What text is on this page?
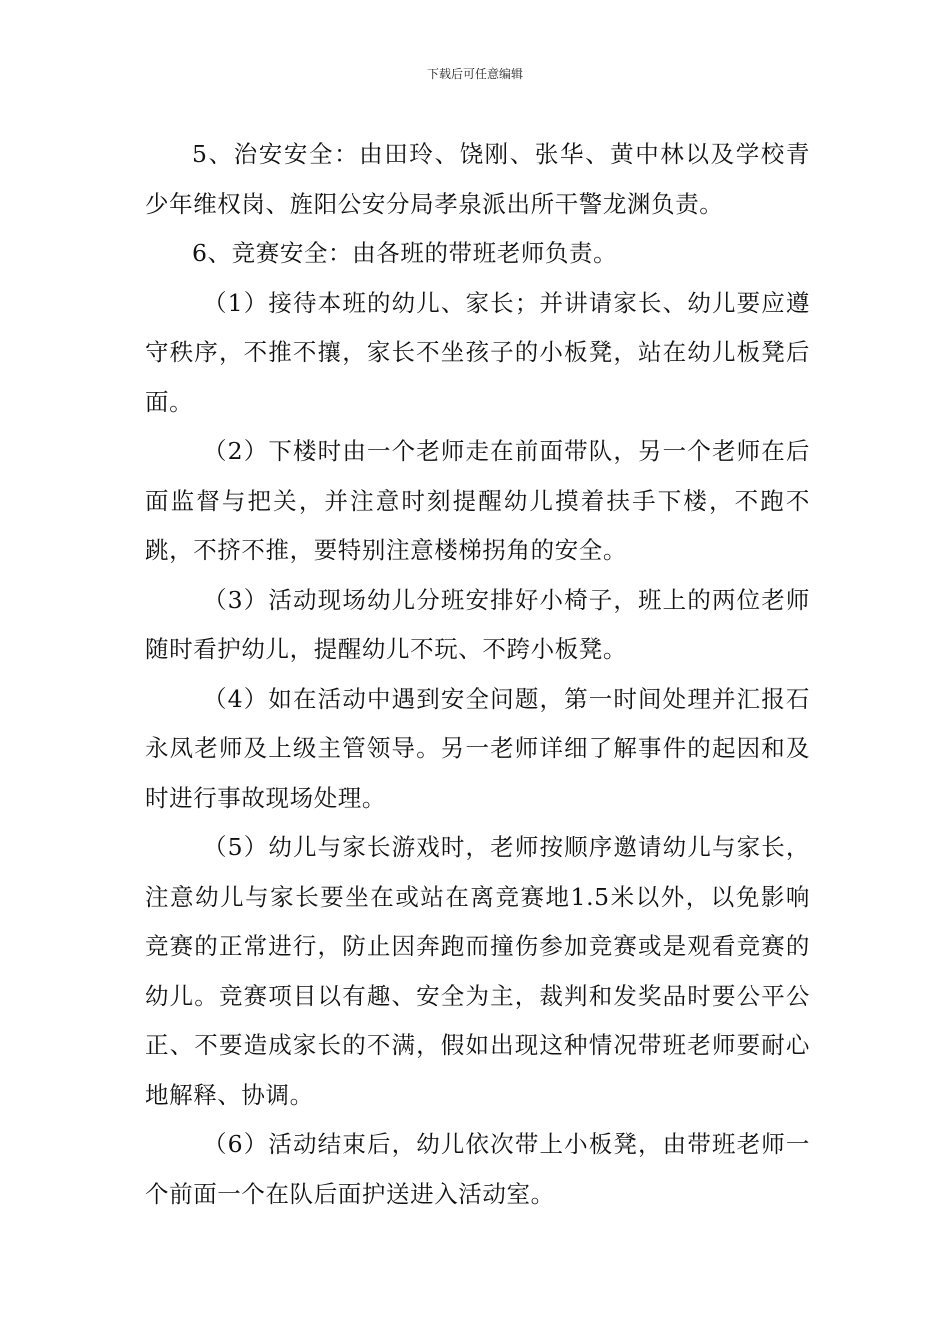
下载后可任意编辑

5、治安安全：由田玲、饶刚、张华、黄中林以及学校青少年维权岗、旌阳公安分局孝泉派出所干警龙渊负责。

6、竞赛安全：由各班的带班老师负责。

（1）接待本班的幼儿、家长；并讲请家长、幼儿要应遵守秩序，不推不攘，家长不坐孩子的小板凳，站在幼儿板凳后面。

（2）下楼时由一个老师走在前面带队，另一个老师在后面监督与把关，并注意时刻提醒幼儿摸着扶手下楼，不跑不跳，不挤不推，要特别注意楼梯拐角的安全。

（3）活动现场幼儿分班安排好小椅子，班上的两位老师随时看护幼儿，提醒幼儿不玩、不跨小板凳。

（4）如在活动中遇到安全问题，第一时间处理并汇报石永凤老师及上级主管领导。另一老师详细了解事件的起因和及时进行事故现场处理。

（5）幼儿与家长游戏时，老师按顺序邀请幼儿与家长，注意幼儿与家长要坐在或站在离竞赛地1.5米以外，以免影响竞赛的正常进行，防止因奔跑而撞伤参加竞赛或是观看竞赛的幼儿。竞赛项目以有趣、安全为主，裁判和发奖品时要公平公正、不要造成家长的不满，假如出现这种情况带班老师要耐心地解释、协调。

（6）活动结束后，幼儿依次带上小板凳，由带班老师一个前面一个在队后面护送进入活动室。
